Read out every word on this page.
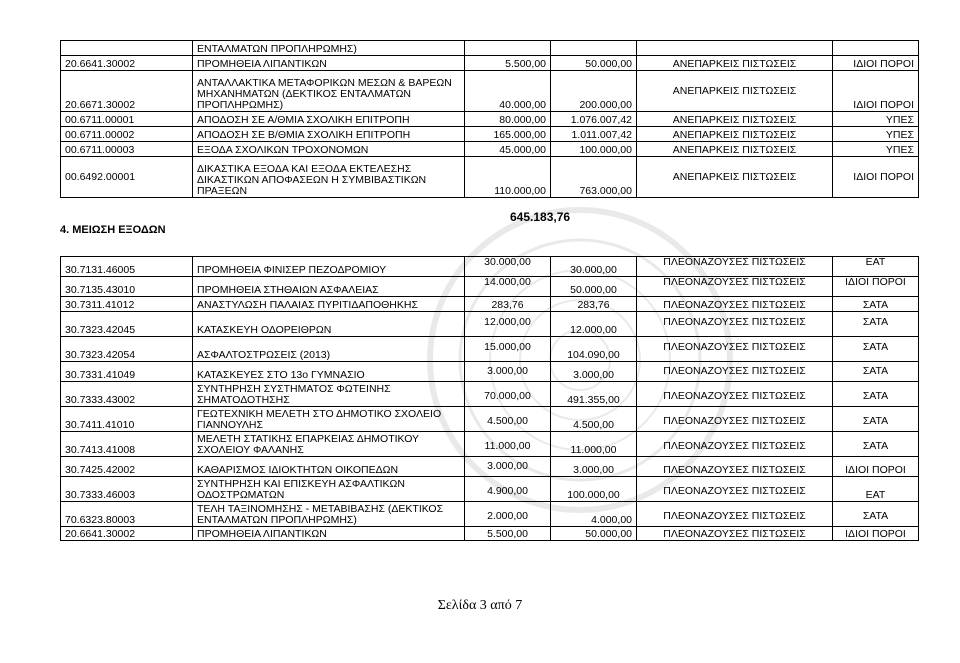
	ΕΝΤΑΛΜΑΤΩΝ ΠΡΟΠΛΗΡΩΜΗΣ)				
20.6641.30002	ΠΡΟΜΗΘΕΙΑ ΛΙΠΑΝΤΙΚΩΝ	5.500,00	50.000,00	ΑΝΕΠΑΡΚΕΙΣ ΠΙΣΤΩΣΕΙΣ	ΙΔΙΟΙ ΠΟΡΟΙ
20.6671.30002	ΑΝΤΑΛΛΑΚΤΙΚΑ ΜΕΤΑΦΟΡΙΚΩΝ ΜΕΣΩΝ & ΒΑΡΕΩΝ ΜΗΧΑΝΗΜΑΤΩΝ (ΔΕΚΤΙΚΟΣ ΕΝΤΑΛΜΑΤΩΝ ΠΡΟΠΛΗΡΩΜΗΣ)	40.000,00	200.000,00	ΑΝΕΠΑΡΚΕΙΣ ΠΙΣΤΩΣΕΙΣ	ΙΔΙΟΙ ΠΟΡΟΙ
00.6711.00001	ΑΠΟΔΟΣΗ ΣΕ Α/ΘΜΙΑ ΣΧΟΛΙΚΗ ΕΠΙΤΡΟΠΗ	80.000,00	1.076.007,42	ΑΝΕΠΑΡΚΕΙΣ ΠΙΣΤΩΣΕΙΣ	ΥΠΕΣ
00.6711.00002	ΑΠΟΔΟΣΗ ΣΕ Β/ΘΜΙΑ ΣΧΟΛΙΚΗ ΕΠΙΤΡΟΠΗ	165.000,00	1.011.007,42	ΑΝΕΠΑΡΚΕΙΣ ΠΙΣΤΩΣΕΙΣ	ΥΠΕΣ
00.6711.00003	ΕΞΟΔΑ ΣΧΟΛΙΚΩΝ ΤΡΟΧΟΝΟΜΩΝ	45.000,00	100.000,00	ΑΝΕΠΑΡΚΕΙΣ ΠΙΣΤΩΣΕΙΣ	ΥΠΕΣ
00.6492.00001	ΔΙΚΑΣΤΙΚΑ ΕΞΟΔΑ ΚΑΙ ΕΞΟΔΑ ΕΚΤΕΛΕΣΗΣ ΔΙΚΑΣΤΙΚΩΝ ΑΠΟΦΑΣΕΩΝ Η ΣΥΜΒΙΒΑΣΤΙΚΩΝ ΠΡΑΞΕΩΝ	110.000,00	763.000,00	ΑΝΕΠΑΡΚΕΙΣ ΠΙΣΤΩΣΕΙΣ	ΙΔΙΟΙ ΠΟΡΟΙ
645.183,76
4. ΜΕΙΩΣΗ ΕΞΟΔΩΝ
30.7131.46005	ΠΡΟΜΗΘΕΙΑ ΦΙΝΙΣΕΡ ΠΕΖΟΔΡΟΜΙΟΥ	30.000,00	30.000,00	ΠΛΕΟΝΑΖΟΥΣΕΣ ΠΙΣΤΩΣΕΙΣ	ΕΑΤ
30.7135.43010	ΠΡΟΜΗΘΕΙΑ ΣΤΗΘΑΙΩΝ ΑΣΦΑΛΕΙΑΣ	14.000,00	50.000,00	ΠΛΕΟΝΑΖΟΥΣΕΣ ΠΙΣΤΩΣΕΙΣ	ΙΔΙΟΙ ΠΟΡΟΙ
30.7311.41012	ΑΝΑΣΤΥΛΩΣΗ ΠΑΛΑΙΑΣ ΠΥΡΙΤΙΔΑΠΟΘΗΚΗΣ	283,76	283,76	ΠΛΕΟΝΑΖΟΥΣΕΣ ΠΙΣΤΩΣΕΙΣ	ΣΑΤΑ
30.7323.42045	ΚΑΤΑΣΚΕΥΗ ΟΔΟΡΕΙΘΡΩΝ	12.000,00	12.000,00	ΠΛΕΟΝΑΖΟΥΣΕΣ ΠΙΣΤΩΣΕΙΣ	ΣΑΤΑ
30.7323.42054	ΑΣΦΑΛΤΟΣΤΡΩΣΕΙΣ (2013)	15.000,00	104.090,00	ΠΛΕΟΝΑΖΟΥΣΕΣ ΠΙΣΤΩΣΕΙΣ	ΣΑΤΑ
30.7331.41049	ΚΑΤΑΣΚΕΥΕΣ ΣΤΟ 13ο ΓΥΜΝΑΣΙΟ	3.000,00	3.000,00	ΠΛΕΟΝΑΖΟΥΣΕΣ ΠΙΣΤΩΣΕΙΣ	ΣΑΤΑ
30.7333.43002	ΣΥΝΤΗΡΗΣΗ ΣΥΣΤΗΜΑΤΟΣ ΦΩΤΕΙΝΗΣ ΣΗΜΑΤΟΔΟΤΗΣΗΣ	70.000,00	491.355,00	ΠΛΕΟΝΑΖΟΥΣΕΣ ΠΙΣΤΩΣΕΙΣ	ΣΑΤΑ
30.7411.41010	ΓΕΩΤΕΧΝΙΚΗ ΜΕΛΕΤΗ ΣΤΟ ΔΗΜΟΤΙΚΟ ΣΧΟΛΕΙΟ ΓΙΑΝΝΟΥΛΗΣ	4.500,00	4.500,00	ΠΛΕΟΝΑΖΟΥΣΕΣ ΠΙΣΤΩΣΕΙΣ	ΣΑΤΑ
30.7413.41008	ΜΕΛΕΤΗ ΣΤΑΤΙΚΗΣ ΕΠΑΡΚΕΙΑΣ ΔΗΜΟΤΙΚΟΥ ΣΧΟΛΕΙΟΥ ΦΑΛΑΝΗΣ	11.000,00	11.000,00	ΠΛΕΟΝΑΖΟΥΣΕΣ ΠΙΣΤΩΣΕΙΣ	ΣΑΤΑ
30.7425.42002	ΚΑΘΑΡΙΣΜΟΣ ΙΔΙΟΚΤΗΤΩΝ ΟΙΚΟΠΕΔΩΝ	3.000,00	3.000,00	ΠΛΕΟΝΑΖΟΥΣΕΣ ΠΙΣΤΩΣΕΙΣ	ΙΔΙΟΙ ΠΟΡΟΙ
30.7333.46003	ΣΥΝΤΗΡΗΣΗ ΚΑΙ ΕΠΙΣΚΕΥΗ ΑΣΦΑΛΤΙΚΩΝ ΟΔΟΣΤΡΩΜΑΤΩΝ	4.900,00	100.000,00	ΠΛΕΟΝΑΖΟΥΣΕΣ ΠΙΣΤΩΣΕΙΣ	ΕΑΤ
70.6323.80003	ΤΕΛΗ ΤΑΞΙΝΟΜΗΣΗΣ - ΜΕΤΑΒΙΒΑΣΗΣ (ΔΕΚΤΙΚΟΣ ΕΝΤΑΛΜΑΤΩΝ ΠΡΟΠΛΗΡΩΜΗΣ)	2.000,00	4.000,00	ΠΛΕΟΝΑΖΟΥΣΕΣ ΠΙΣΤΩΣΕΙΣ	ΣΑΤΑ
20.6641.30002	ΠΡΟΜΗΘΕΙΑ ΛΙΠΑΝΤΙΚΩΝ	5.500,00	50.000,00	ΠΛΕΟΝΑΖΟΥΣΕΣ ΠΙΣΤΩΣΕΙΣ	ΙΔΙΟΙ ΠΟΡΟΙ
Σελίδα 3 από 7
